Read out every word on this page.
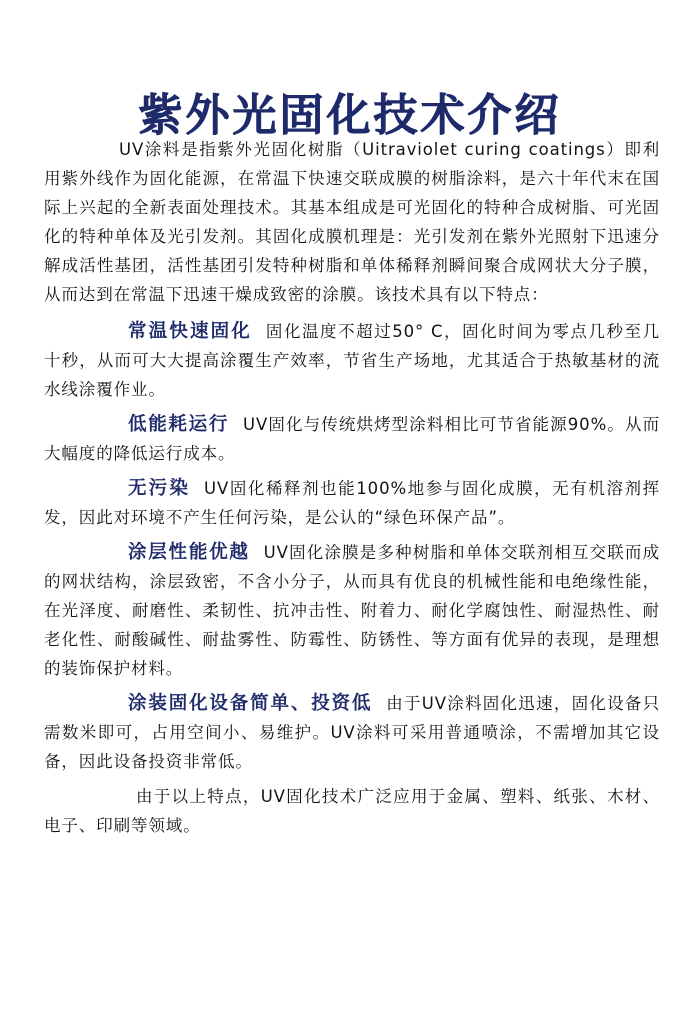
紫外光固化技术介绍

UV涂料是指紫外光固化树脂（Uitraviolet curing coatings）即利用紫外线作为固化能源，在常温下快速交联成膜的树脂涂料，是六十年代末在国际上兴起的全新表面处理技术。其基本组成是可光固化的特种合成树脂、可光固化的特种单体及光引发剂。其固化成膜机理是：光引发剂在紫外光照射下迅速分解成活性基团，活性基团引发特种树脂和单体稀释剂瞬间聚合成网状大分子膜，从而达到在常温下迅速干燥成致密的涂膜。该技术具有以下特点：

常温快速固化 固化温度不超过50° C，固化时间为零点几秒至几十秒，从而可大大提高涂覆生产效率，节省生产场地，尤其适合于热敏基材的流水线涂覆作业。

低能耗运行 UV固化与传统烘烤型涂料相比可节省能源90%。从而大幅度的降低运行成本。

无污染 UV固化稀释剂也能100%地参与固化成膜，无有机溶剂挥发，因此对环境不产生任何污染，是公认的“绿色环保产品”。

涂层性能优越 UV固化涂膜是多种树脂和单体交联剂相互交联而成的网状结构，涂层致密，不含小分子，从而具有优良的机械性能和电绝缘性能，在光泽度、耐磨性、柔韧性、抗冲击性、附着力、耐化学腐蚀性、耐湿热性、耐老化性、耐酸碱性、耐盐雾性、防霉性、防锈性、等方面有优异的表现，是理想的装饰保护材料。

涂装固化设备简单、投资低 由于UV涂料固化迅速，固化设备只需数米即可，占用空间小、易维护。UV涂料可采用普通喷涂，不需增加其它设备，因此设备投资非常低。

由于以上特点，UV固化技术广泛应用于金属、塑料、纸张、木材、电子、印刷等领域。
